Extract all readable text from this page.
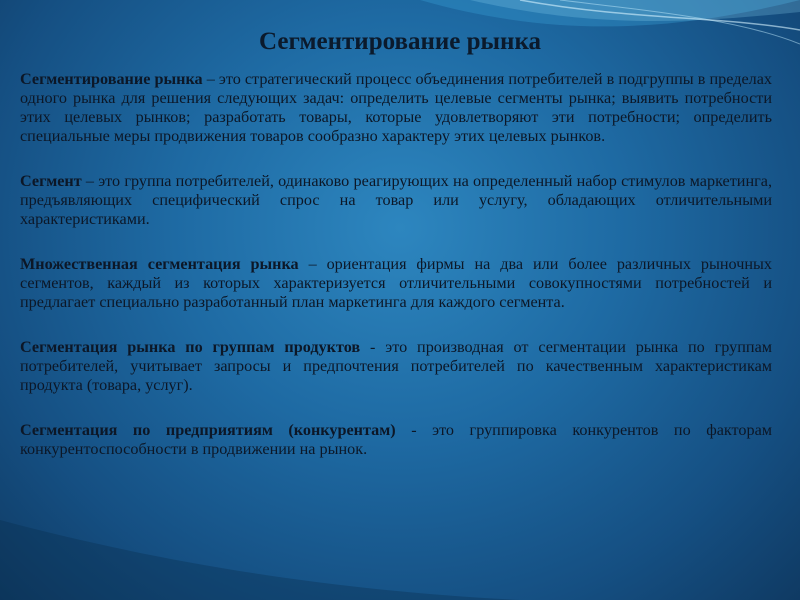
Сегментирование рынка

Сегментирование рынка – это стратегический процесс объединения потребителей в подгруппы в пределах одного рынка для решения следующих задач: определить целевые сегменты рынка; выявить потребности этих целевых рынков; разработать товары, которые удовлетворяют эти потребности; определить специальные меры продвижения товаров сообразно характеру этих целевых рынков.

Сегмент – это группа потребителей, одинаково реагирующих на определенный набор стимулов маркетинга, предъявляющих специфический спрос на товар или услугу, обладающих отличительными характеристиками.

Множественная сегментация рынка – ориентация фирмы на два или более различных рыночных сегментов, каждый из которых характеризуется отличительными совокупностями потребностей и предлагает специально разработанный план маркетинга для каждого сегмента.

Сегментация рынка по группам продуктов - это производная от сегментации рынка по группам потребителей, учитывает запросы и предпочтения потребителей по качественным характеристикам продукта (товара, услуг).

Сегментация по предприятиям (конкурентам) - это группировка конкурентов по факторам конкурентоспособности в продвижении на рынок.
